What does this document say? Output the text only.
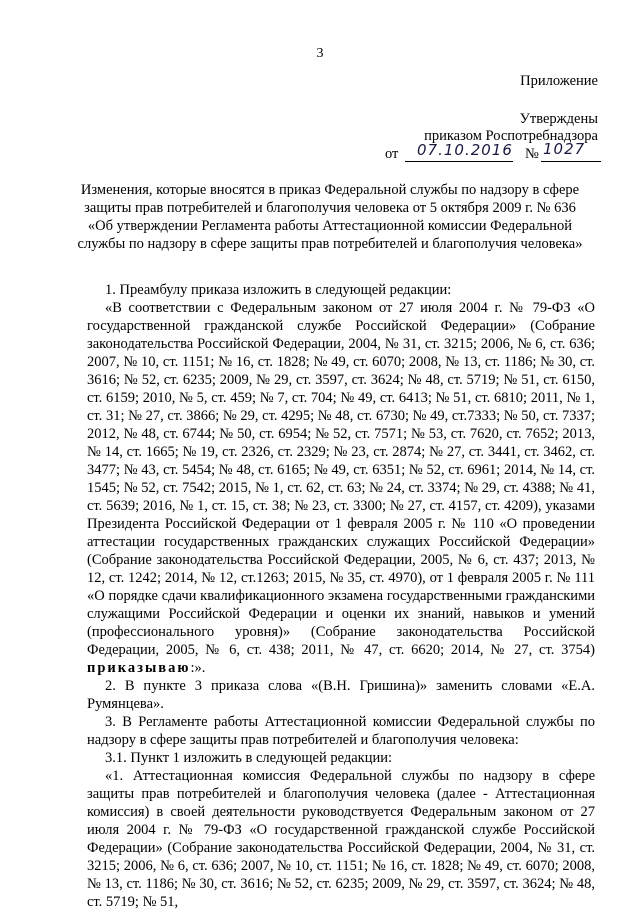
3
Приложение
Утверждены
приказом Роспотребнадзора
от 07.10.2016 № 1027
Изменения, которые вносятся в приказ Федеральной службы по надзору в сфере
защиты прав потребителей и благополучия человека от 5 октября 2009 г. № 636
«Об утверждении Регламента работы Аттестационной комиссии Федеральной
службы по надзору в сфере защиты прав потребителей и благополучия человека»

1. Преамбулу приказа изложить в следующей редакции:

«В соответствии с Федеральным законом от 27 июля 2004 г. № 79-ФЗ «О государственной гражданской службе Российской Федерации» (Собрание законодательства Российской Федерации, 2004, № 31, ст. 3215; 2006, № 6, ст. 636; 2007, № 10, ст. 1151; № 16, ст. 1828; № 49, ст. 6070; 2008, № 13, ст. 1186; № 30, ст. 3616; № 52, ст. 6235; 2009, № 29, ст. 3597, ст. 3624; № 48, ст. 5719; № 51, ст. 6150, ст. 6159; 2010, № 5, ст. 459; № 7, ст. 704; № 49, ст. 6413; № 51, ст. 6810; 2011, № 1, ст. 31; № 27, ст. 3866; № 29, ст. 4295; № 48, ст. 6730; № 49, ст.7333; № 50, ст. 7337; 2012, № 48, ст. 6744; № 50, ст. 6954; № 52, ст. 7571; № 53, ст. 7620, ст. 7652; 2013, № 14, ст. 1665; № 19, ст. 2326, ст. 2329; № 23, ст. 2874; № 27, ст. 3441, ст. 3462, ст. 3477; № 43, ст. 5454; № 48, ст. 6165; № 49, ст. 6351; № 52, ст. 6961; 2014, № 14, ст. 1545; № 52, ст. 7542; 2015, № 1, ст. 62, ст. 63; № 24, ст. 3374; № 29, ст. 4388; № 41, ст. 5639; 2016, № 1, ст. 15, ст. 38; № 23, ст. 3300; № 27, ст. 4157, ст. 4209), указами Президента Российской Федерации от 1 февраля 2005 г. № 110 «О проведении аттестации государственных гражданских служащих Российской Федерации» (Собрание законодательства Российской Федерации, 2005, № 6, ст. 437; 2013, № 12, ст. 1242; 2014, № 12, ст.1263; 2015, № 35, ст. 4970), от 1 февраля 2005 г. № 111 «О порядке сдачи квалификационного экзамена государственными гражданскими служащими Российской Федерации и оценки их знаний, навыков и умений (профессионального уровня)» (Собрание законодательства Российской Федерации, 2005, № 6, ст. 438; 2011, № 47, ст. 6620; 2014, № 27, ст. 3754) приказываю:».

2. В пункте 3 приказа слова «(В.Н. Гришина)» заменить словами «Е.А. Румянцева».

3. В Регламенте работы Аттестационной комиссии Федеральной службы по надзору в сфере защиты прав потребителей и благополучия человека:

3.1. Пункт 1 изложить в следующей редакции:

«1. Аттестационная комиссия Федеральной службы по надзору в сфере защиты прав потребителей и благополучия человека (далее - Аттестационная комиссия) в своей деятельности руководствуется Федеральным законом от 27 июля 2004 г. № 79-ФЗ «О государственной гражданской службе Российской Федерации» (Собрание законодательства Российской Федерации, 2004, № 31, ст. 3215; 2006, № 6, ст. 636; 2007, № 10, ст. 1151; № 16, ст. 1828; № 49, ст. 6070; 2008, № 13, ст. 1186; № 30, ст. 3616; № 52, ст. 6235; 2009, № 29, ст. 3597, ст. 3624; № 48, ст. 5719; № 51,
